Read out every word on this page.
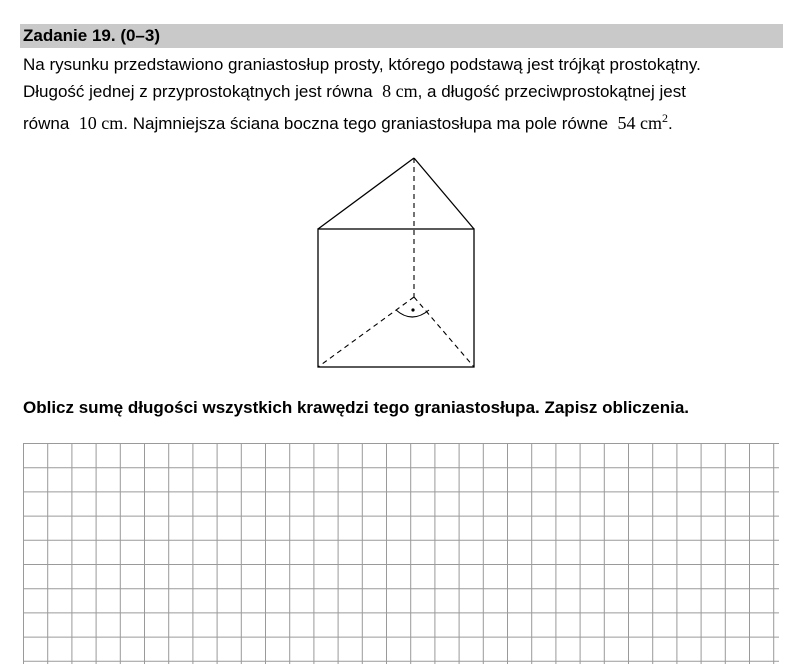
Zadanie 19. (0–3)
Na rysunku przedstawiono graniastosłup prosty, którego podstawą jest trójkąt prostokątny.
Długość jednej z przyprostokątnych jest równa 8 cm, a długość przeciwprostokątnej jest
równa 10 cm. Najmniejsza ściana boczna tego graniastosłupa ma pole równe 54 $cm^2$.
Oblicz sumę długości wszystkich krawędzi tego graniastosłupa. Zapisz obliczenia.
